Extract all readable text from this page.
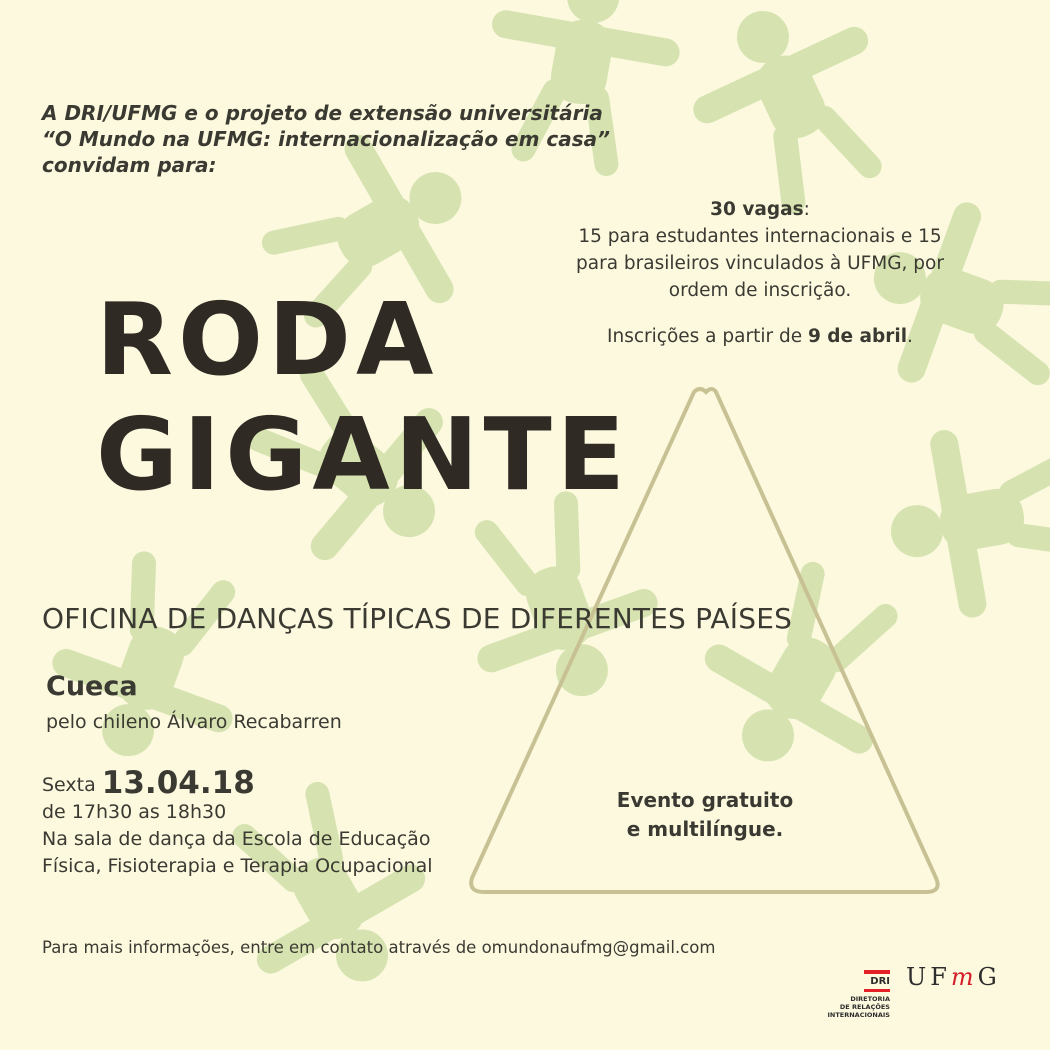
A DRI/UFMG e o projeto de extensão universitária
“O Mundo na UFMG: internacionalização em casa”
convidam para:
30 vagas:
15 para estudantes internacionais e 15
para brasileiros vinculados à UFMG, por
ordem de inscrição.
Inscrições a partir de 9 de abril.
RODA
GIGANTE
OFICINA DE DANÇAS TÍPICAS DE DIFERENTES PAÍSES
Cueca
pelo chileno Álvaro Recabarren
Sexta 13.04.18
de 17h30 as 18h30
Na sala de dança da Escola de Educação
Física, Fisioterapia e Terapia Ocupacional
Evento gratuito
e multilíngue.
Para mais informações, entre em contato através de omundonaufmg@gmail.com
DRI
DIRETORIA
DE RELAÇÕES
INTERNACIONAIS
UFmG
